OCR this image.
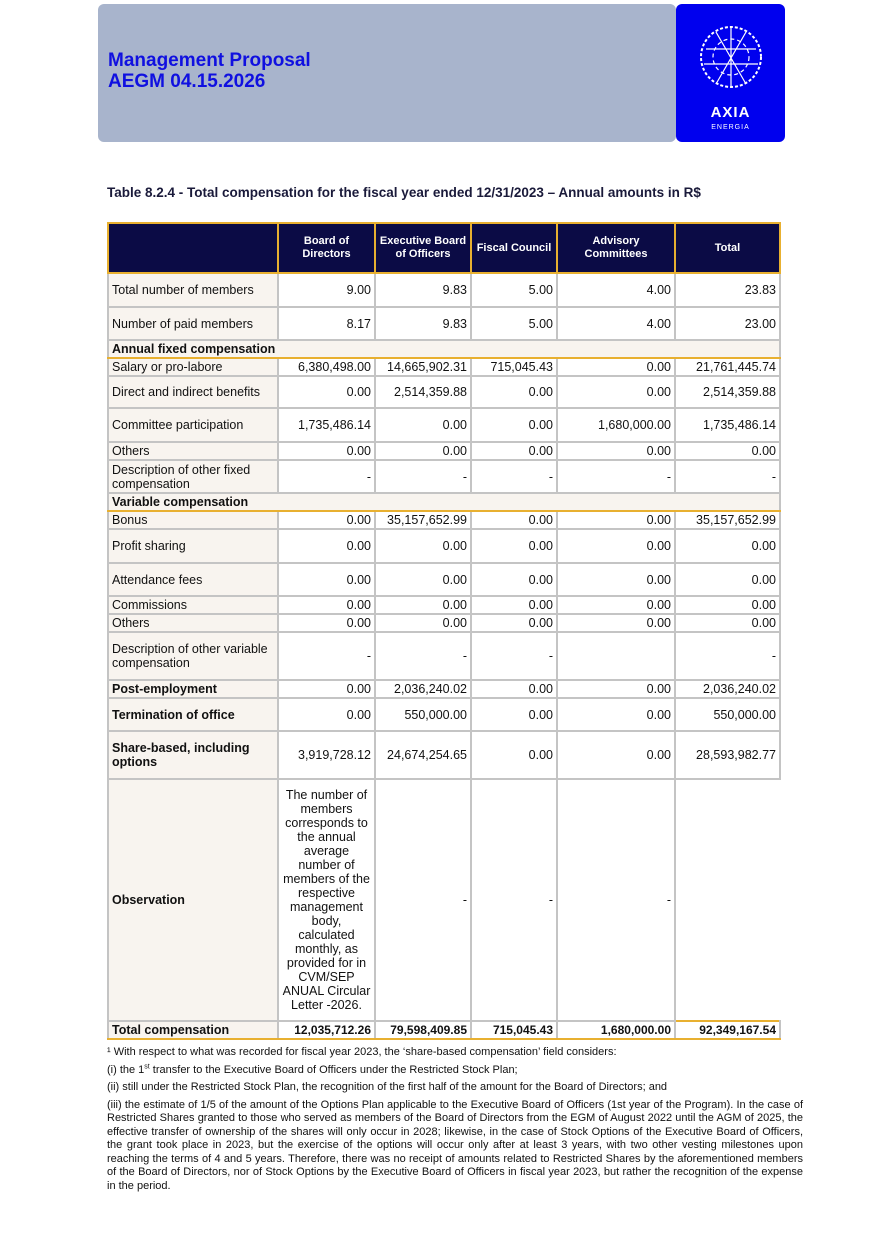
Management Proposal
AEGM 04.15.2026
AXIA
ENERGIA
Table 8.2.4 - Total compensation for the fiscal year ended 12/31/2023 – Annual amounts in R$
	Board of Directors	Executive Board of Officers	Fiscal Council	Advisory Committees	Total
Total number of members	9.00	9.83	5.00	4.00	23.83
Number of paid members	8.17	9.83	5.00	4.00	23.00
Annual fixed compensation					
Salary or pro-labore	6,380,498.00	14,665,902.31	715,045.43	0.00	21,761,445.74
Direct and indirect benefits	0.00	2,514,359.88	0.00	0.00	2,514,359.88
Committee participation	1,735,486.14	0.00	0.00	1,680,000.00	1,735,486.14
Others	0.00	0.00	0.00	0.00	0.00
Description of other fixed compensation	-	-	-	-	-
Variable compensation					
Bonus	0.00	35,157,652.99	0.00	0.00	35,157,652.99
Profit sharing	0.00	0.00	0.00	0.00	0.00
Attendance fees	0.00	0.00	0.00	0.00	0.00
Commissions	0.00	0.00	0.00	0.00	0.00
Others	0.00	0.00	0.00	0.00	0.00
Description of other variable compensation	-	-	-		-
Post-employment	0.00	2,036,240.02	0.00	0.00	2,036,240.02
Termination of office	0.00	550,000.00	0.00	0.00	550,000.00
Share-based, including options	3,919,728.12	24,674,254.65	0.00	0.00	28,593,982.77
Observation	The number of members corresponds to the annual average number of members of the respective management body, calculated monthly, as provided for in CVM/SEP ANUAL Circular Letter -2026.	-	-	-	
Total compensation	12,035,712.26	79,598,409.85	715,045.43	1,680,000.00	92,349,167.54

¹ With respect to what was recorded for fiscal year 2023, the ‘share-based compensation’ field considers:

(i) the 1st transfer to the Executive Board of Officers under the Restricted Stock Plan;

(ii) still under the Restricted Stock Plan, the recognition of the first half of the amount for the Board of Directors; and

(iii) the estimate of 1/5 of the amount of the Options Plan applicable to the Executive Board of Officers (1st year of the Program). In the case of Restricted Shares granted to those who served as members of the Board of Directors from the EGM of August 2022 until the AGM of 2025, the effective transfer of ownership of the shares will only occur in 2028; likewise, in the case of Stock Options of the Executive Board of Officers, the grant took place in 2023, but the exercise of the options will occur only after at least 3 years, with two other vesting milestones upon reaching the terms of 4 and 5 years. Therefore, there was no receipt of amounts related to Restricted Shares by the aforementioned members of the Board of Directors, nor of Stock Options by the Executive Board of Officers in fiscal year 2023, but rather the recognition of the expense in the period.
